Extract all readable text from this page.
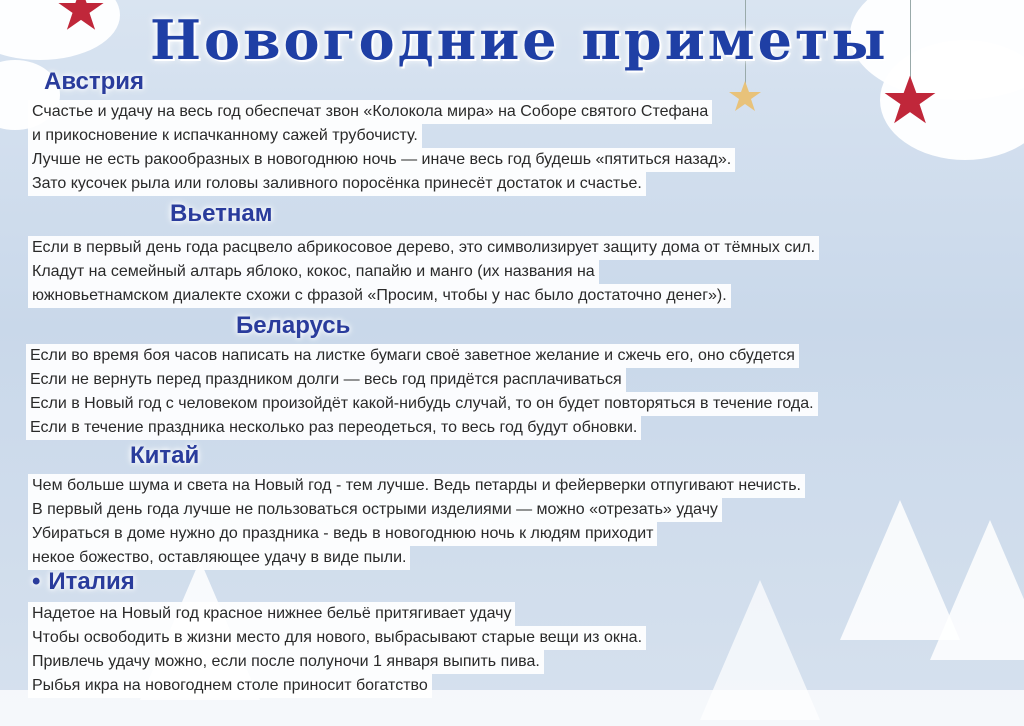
Новогодние приметы
Австрия
Счастье и удачу на весь год обеспечат звон «Колокола мира» на Соборе святого Стефана
и прикосновение к испачканному сажей трубочисту.
Лучше не есть ракообразных в новогоднюю ночь — иначе весь год будешь «пятиться назад».
Зато кусочек рыла или головы заливного поросёнка принесёт достаток и счастье.
Вьетнам
Если в первый день года расцвело абрикосовое дерево, это символизирует защиту дома от тёмных сил.
Кладут на семейный алтарь яблоко, кокос, папайю и манго (их названия на
южновьетнамском диалекте схожи с фразой «Просим, чтобы у нас было достаточно денег»).
Беларусь
Если во время боя часов написать на листке бумаги своё заветное желание и сжечь его, оно сбудется
Если не вернуть перед праздником долги — весь год придётся расплачиваться
Если в Новый год с человеком произойдёт какой-нибудь случай, то он будет повторяться в течение года.
Если в течение праздника несколько раз переодеться, то весь год будут обновки.
Китай
Чем больше шума и света на Новый год - тем лучше. Ведь петарды и фейерверки отпугивают нечисть.
В первый день года лучше не пользоваться острыми изделиями — можно «отрезать» удачу
Убираться в доме нужно до праздника - ведь в новогоднюю ночь к людям приходит
некое божество, оставляющее удачу в виде пыли.
• Италия
Надетое на Новый год красное нижнее бельё притягивает удачу
Чтобы освободить в жизни место для нового, выбрасывают старые вещи из окна.
Привлечь удачу можно, если после полуночи 1 января выпить пива.
Рыбья икра на новогоднем столе приносит богатство
